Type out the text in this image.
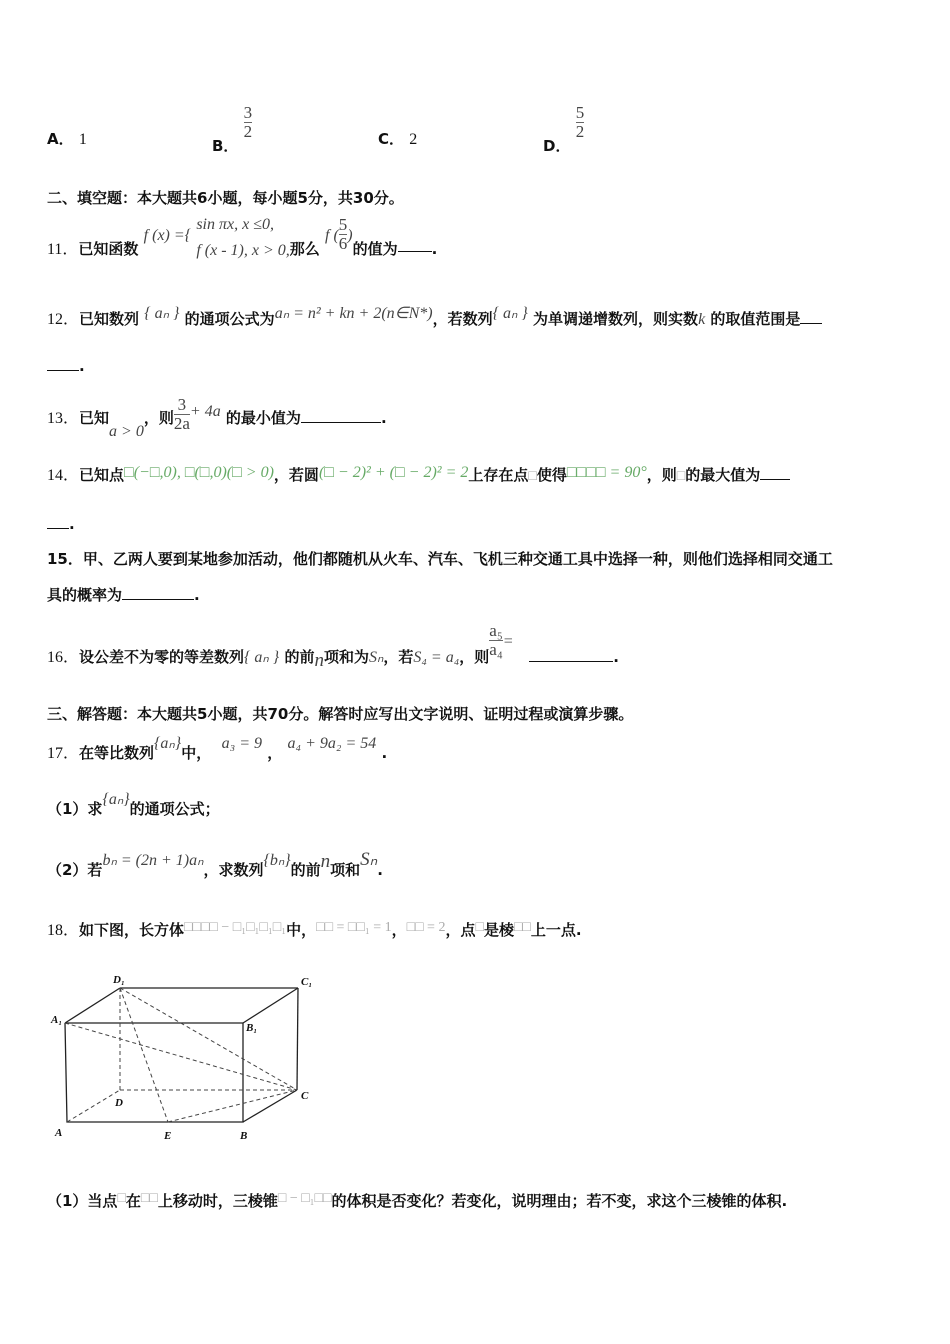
A． 1	B．
$\frac{3}{2}$	C． 2	D．
$\frac{5}{2}$
二、填空题：本大题共6小题，每小题5分，共30分。
11．已知函数 f (x) ={
sin πx, x ≤0,
f (x - 1), x > 0, 那么 f ( $\frac{5}{6}$ )的值为 .
12．已知数列 { aₙ } 的通项公式为aₙ = n² + kn + 2(n∈N*)，若数列{ aₙ } 为单调递增数列，则实数k 的取值范围是
.
13．已知a > 0，则 $\frac{3}{2a} + 4a$ 的最小值为	.
14．已知点□(−□,0), □(□,0)(□ > 0)，若圆(□ − 2)² + (□ − 2)² = 2上存在点□使得□□□□ = 90°，则□的最大值为
.
15．甲、乙两人要到某地参加活动，他们都随机从火车、汽车、飞机三种交通工具中选择一种，则他们选择相同交通工
具的概率为	.
16．设公差不为零的等差数列{ aₙ } 的前n项和为Sₙ，若S₄ = a₄，则 $\frac{\text{a₅}}{\text{a₄}}$ =   .
三、解答题：本大题共5小题，共70分。解答时应写出文字说明、证明过程或演算步骤。
17．在等比数列{aₙ}中，  a₃ = 9 ， a₄ + 9a₂ = 54 .
（1）求{aₙ}的通项公式；
（2）若bₙ = (2n + 1)aₙ，求数列{bₙ}的前n项和Sₙ.
18．如下图，长方体□□□□ − □₁□₁□₁□₁中，□□ = □□₁ = 1，□□ = 2，点□是棱□□上一点.
D₁	C₁
A₁
B₁
D
C
A	E	B
（1）当点□在□□上移动时，三棱锥□ − □₁□□的体积是否变化？若变化，说明理由；若不变，求这个三棱锥的体积.
